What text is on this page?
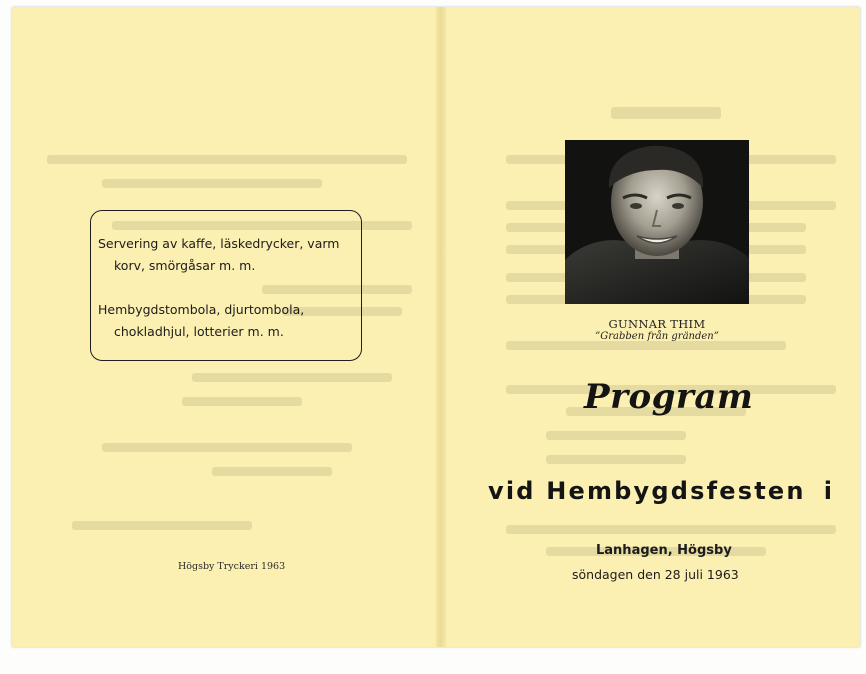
Servering av kaffe, läskedrycker, varm
korv, smörgåsar m. m.
Hembygdstombola, djurtombola,
chokladhjul, lotterier m. m.
Högsby Tryckeri 1963
GUNNAR THIM
”Grabben från gränden”
Program
vid Hembygdsfesten i
Lanhagen, Högsby
söndagen den 28 juli 1963
